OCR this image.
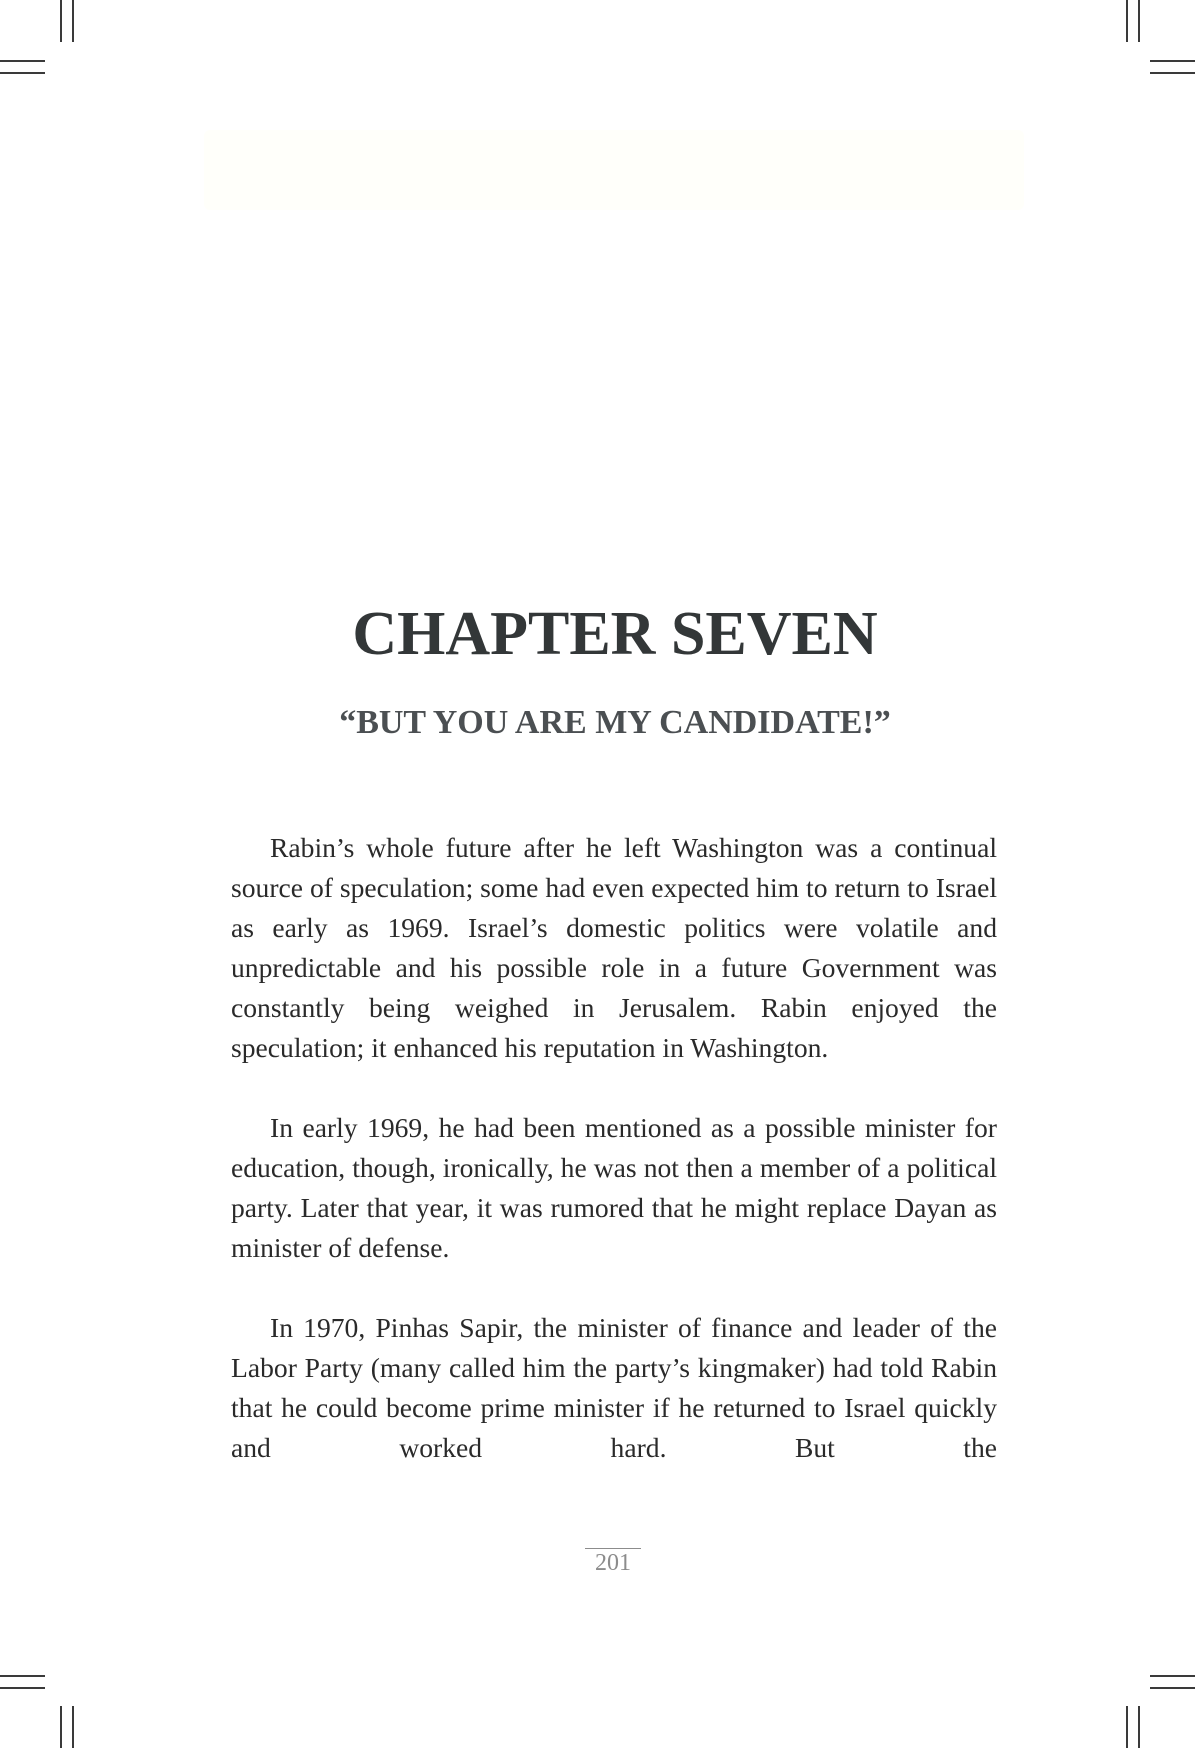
CHAPTER SEVEN
“BUT YOU ARE MY CANDIDATE!”

Rabin’s whole future after he left Washington was a continual source of speculation; some had even expected him to return to Israel as early as 1969. Israel’s domestic politics were volatile and unpredictable and his possible role in a future Government was constantly being weighed in Jerusalem. Rabin enjoyed the speculation; it enhanced his reputation in Washington.

In early 1969, he had been mentioned as a possible minister for education, though, ironically, he was not then a member of a political party. Later that year, it was rumored that he might replace Dayan as minister of defense.

In 1970, Pinhas Sapir, the minister of finance and leader of the Labor Party (many called him the party’s kingmaker) had told Rabin that he could become prime minister if he returned to Israel quickly and worked hard. But the

201
